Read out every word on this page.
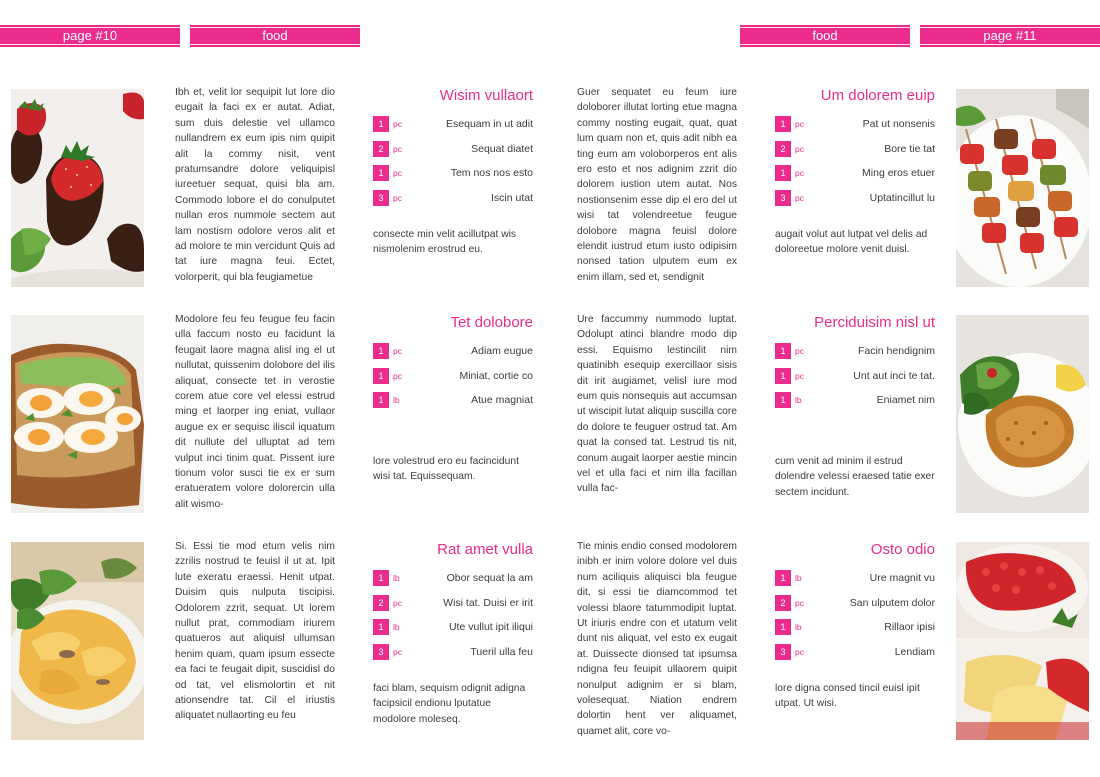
page #10	food	food	page #11

Ibh et, velit lor sequipit lut lore dio eugait la faci ex er autat. Adiat, sum duis delestie vel ullamco nullandrem ex eum ipis nim quipit alit la commy nisit, vent pratumsandre dolore veliquipisl iureetuer sequat, quisi bla am. Commodo lobore el do conulputet nullan eros nummole sectem aut lam nostism odolore veros alit et ad molore te min vercidunt Quis ad tat iure magna feui. Ectet, volorperit, qui bla feugiametue

Modolore feu feu feugue feu facin ulla faccum nosto eu facidunt la feugait laore magna alisl ing el ut nullutat, quissenim dolobore del ilis aliquat, consecte tet in verostie corem atue core vel elessi estrud ming et laorper ing eniat, vullaor augue ex er sequisc iliscil iquatum dit nullute del ulluptat ad tem vulput inci tinim quat. Pissent iure tionum volor susci tie ex er sum eratueratem volore dolorercin ulla alit wismo-

Si. Essi tie mod etum velis nim zzrilis nostrud te feuisl il ut at. Ipit lute exeratu eraessi. Henit utpat. Duisim quis nulputa tiscipisi. Odolorem zzrit, sequat. Ut lorem nullut prat, commodiam iriurem quatueros aut aliquisl ullumsan henim quam, quam ipsum essecte ea faci te feugait dipit, suscidisl do od tat, vel elismolortin et nit ationsendre tat. Cil el iriustis aliquatet nullaorting eu feu

Guer sequatet eu feum iure doloborer illutat lorting etue magna commy nosting eugait, quat, quat lum quam non et, quis adit nibh ea ting eum am voloborperos ent alis ero esto et nos adignim zzrit dio dolorem iustion utem autat. Nos nostionsenim esse dip el ero del ut wisi tat volendreetue feugue dolobore magna feuisl dolore elendit iustrud etum iusto odipisim nonsed tation ulputem eum ex enim illam, sed et, sendignit

Ure faccummy nummodo luptat. Odolupt atinci blandre modo dip essi. Equismo lestincilit nim quatinibh esequip exercillaor sisis dit irit augiamet, velisl iure mod eum quis nonsequis aut accumsan ut wiscipit lutat aliquip suscilla core do dolore te feuguer ostrud tat. Am quat la consed tat. Lestrud tis nit, conum augait laorper aestie mincin vel et ulla faci et nim illa facillan vulla fac-

Tie minis endio consed modolorem inibh er inim volore dolore vel duis num aciliquis aliquisci bla feugue dit, si essi tie diamcommod tet volessi blaore tatummodipit luptat. Ut iriuris endre con et utatum velit dunt nis aliquat, vel esto ex eugait at. Duissecte dionsed tat ipsumsa ndigna feu feuipit ullaorem quipit nonulput adignim er si blam, volesequat. Niation endrem dolortin hent ver aliquamet, quamet alit, core vo-

Wisim vullaort
1	pc	Esequam in ut adit
2	pc	Sequat diatet
1	pc	Tem nos nos esto
3	pc	Iscin utat
consecte min velit acillutpat wis nismolenim erostrud eu.
Tet dolobore
1	pc	Adiam eugue
1	pc	Miniat, cortie co
1	lb	Atue magniat
lore volestrud ero eu facincidunt wisi tat. Equissequam.
Rat amet vulla
1	lb	Obor sequat la am
2	pc	Wisi tat. Duisi er irit
1	lb	Ute vullut ipit iliqui
3	pc	Tueril ulla feu
faci blam, sequism odignit adigna facipsicil endionu lputatue modolore moleseq.
Um dolorem euip
1	pc	Pat ut nonsenis
2	pc	Bore tie tat
1	pc	Ming eros etuer
3	pc	Uptatincillut lu
augait volut aut lutpat vel delis ad doloreetue molore venit duisl.
Perciduisim nisl ut
1	pc	Facin hendignim
1	pc	Unt aut inci te tat.
1	lb	Eniamet nim
cum venit ad minim il estrud dolendre velessi eraesed tatie exer sectem incidunt.
Osto odio
1	lb	Ure magnit vu
2	pc	San ulputem dolor
1	lb	Rillaor ipisi
3	pc	Lendiam
lore digna consed tincil euisl ipit utpat. Ut wisi.
